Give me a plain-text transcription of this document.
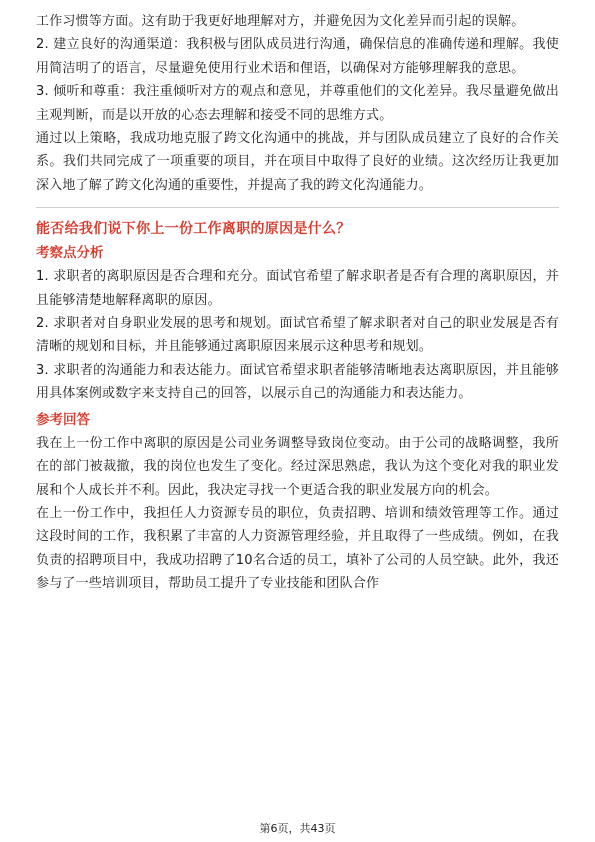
工作习惯等方面。这有助于我更好地理解对方，并避免因为文化差异而引起的误解。

2. 建立良好的沟通渠道：我积极与团队成员进行沟通，确保信息的准确传递和理解。我使用简洁明了的语言，尽量避免使用行业术语和俚语，以确保对方能够理解我的意思。

3. 倾听和尊重：我注重倾听对方的观点和意见，并尊重他们的文化差异。我尽量避免做出主观判断，而是以开放的心态去理解和接受不同的思维方式。

通过以上策略，我成功地克服了跨文化沟通中的挑战，并与团队成员建立了良好的合作关系。我们共同完成了一项重要的项目，并在项目中取得了良好的业绩。这次经历让我更加深入地了解了跨文化沟通的重要性，并提高了我的跨文化沟通能力。

能否给我们说下你上一份工作离职的原因是什么？
考察点分析

1. 求职者的离职原因是否合理和充分。面试官希望了解求职者是否有合理的离职原因，并且能够清楚地解释离职的原因。

2. 求职者对自身职业发展的思考和规划。面试官希望了解求职者对自己的职业发展是否有清晰的规划和目标，并且能够通过离职原因来展示这种思考和规划。

3. 求职者的沟通能力和表达能力。面试官希望求职者能够清晰地表达离职原因，并且能够用具体案例或数字来支持自己的回答，以展示自己的沟通能力和表达能力。

参考回答

我在上一份工作中离职的原因是公司业务调整导致岗位变动。由于公司的战略调整，我所在的部门被裁撤，我的岗位也发生了变化。经过深思熟虑，我认为这个变化对我的职业发展和个人成长并不利。因此，我决定寻找一个更适合我的职业发展方向的机会。

在上一份工作中，我担任人力资源专员的职位，负责招聘、培训和绩效管理等工作。通过这段时间的工作，我积累了丰富的人力资源管理经验，并且取得了一些成绩。例如，在我负责的招聘项目中，我成功招聘了10名合适的员工，填补了公司的人员空缺。此外，我还参与了一些培训项目，帮助员工提升了专业技能和团队合作

第6页，共43页
